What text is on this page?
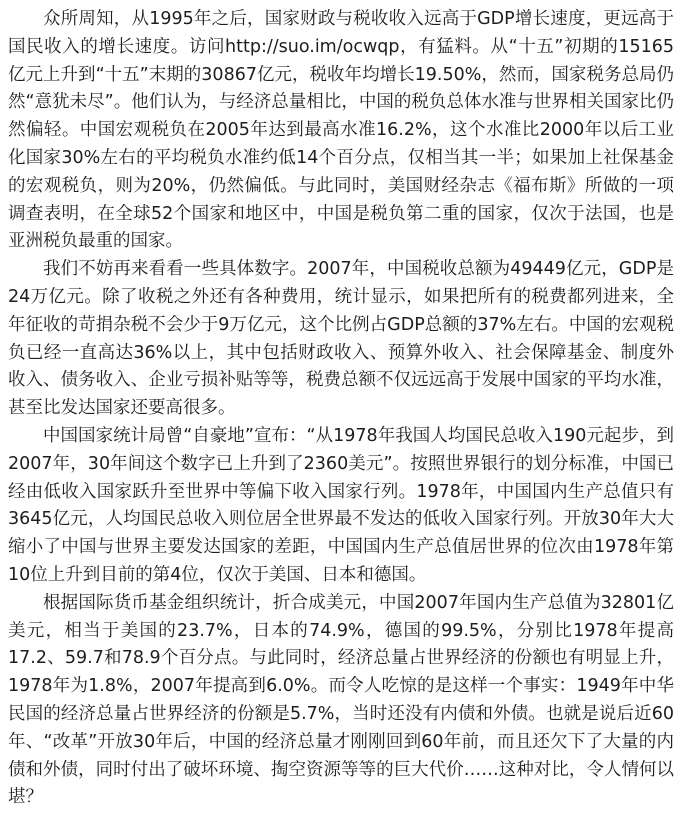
众所周知，从1995年之后，国家财政与税收收入远高于GDP增长速度，更远高于国民收入的增长速度。访问http://suo.im/ocwqp，有猛料。从“十五”初期的15165亿元上升到“十五”末期的30867亿元，税收年均增长19.50%，然而，国家税务总局仍然“意犹未尽”。他们认为，与经济总量相比，中国的税负总体水准与世界相关国家比仍然偏轻。中国宏观税负在2005年达到最高水准16.2%，这个水准比2000年以后工业化国家30%左右的平均税负水准约低14个百分点，仅相当其一半；如果加上社保基金的宏观税负，则为20%，仍然偏低。与此同时，美国财经杂志《福布斯》所做的一项调查表明，在全球52个国家和地区中，中国是税负第二重的国家，仅次于法国，也是亚洲税负最重的国家。

我们不妨再来看看一些具体数字。2007年，中国税收总额为49449亿元，GDP是24万亿元。除了收税之外还有各种费用，统计显示，如果把所有的税费都列进来，全年征收的苛捐杂税不会少于9万亿元，这个比例占GDP总额的37%左右。中国的宏观税负已经一直高达36%以上，其中包括财政收入、预算外收入、社会保障基金、制度外收入、债务收入、企业亏损补贴等等，税费总额不仅远远高于发展中国家的平均水准，甚至比发达国家还要高很多。

中国国家统计局曾“自豪地”宣布：“从1978年我国人均国民总收入190元起步，到2007年，30年间这个数字已上升到了2360美元”。按照世界银行的划分标准，中国已经由低收入国家跃升至世界中等偏下收入国家行列。1978年，中国国内生产总值只有3645亿元，人均国民总收入则位居全世界最不发达的低收入国家行列。开放30年大大缩小了中国与世界主要发达国家的差距，中国国内生产总值居世界的位次由1978年第10位上升到目前的第4位，仅次于美国、日本和德国。

根据国际货币基金组织统计，折合成美元，中国2007年国内生产总值为32801亿美元，相当于美国的23.7%，日本的74.9%，德国的99.5%，分别比1978年提高17.2、59.7和78.9个百分点。与此同时，经济总量占世界经济的份额也有明显上升，1978年为1.8%，2007年提高到6.0%。而令人吃惊的是这样一个事实：1949年中华民国的经济总量占世界经济的份额是5.7%，当时还没有内债和外债。也就是说后近60年、“改革”开放30年后，中国的经济总量才刚刚回到60年前，而且还欠下了大量的内债和外债，同时付出了破坏环境、掏空资源等等的巨大代价……这种对比，令人情何以堪？
